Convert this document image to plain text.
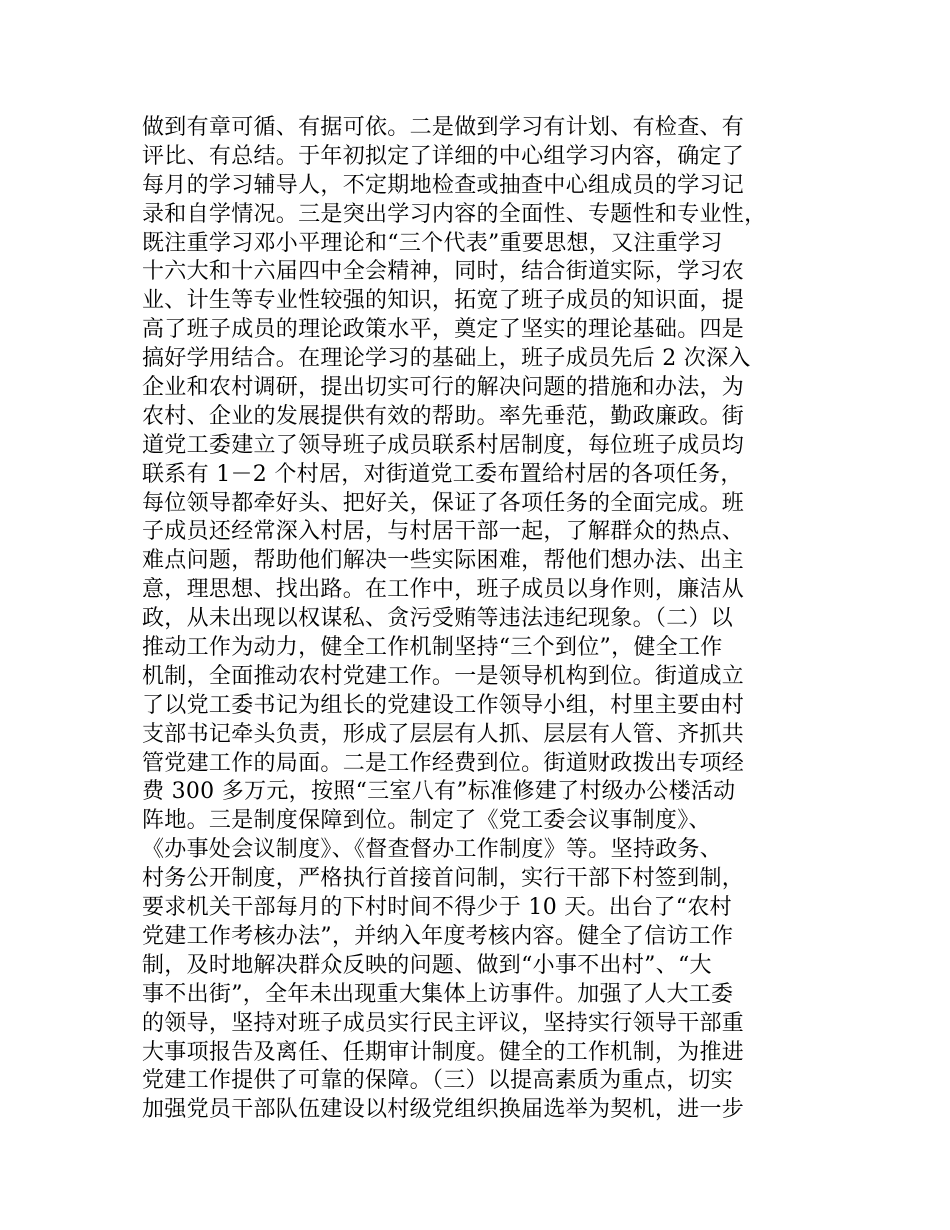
做到有章可循、有据可依。二是做到学习有计划、有检查、有
评比、有总结。于年初拟定了详细的中心组学习内容，确定了
每月的学习辅导人，不定期地检查或抽查中心组成员的学习记
录和自学情况。三是突出学习内容的全面性、专题性和专业性，
既注重学习邓小平理论和“三个代表”重要思想，又注重学习
十六大和十六届四中全会精神，同时，结合街道实际，学习农
业、计生等专业性较强的知识，拓宽了班子成员的知识面，提
高了班子成员的理论政策水平，奠定了坚实的理论基础。四是
搞好学用结合。在理论学习的基础上，班子成员先后 2 次深入
企业和农村调研，提出切实可行的解决问题的措施和办法，为
农村、企业的发展提供有效的帮助。率先垂范，勤政廉政。街
道党工委建立了领导班子成员联系村居制度，每位班子成员均
联系有 1－2 个村居，对街道党工委布置给村居的各项任务，
每位领导都牵好头、把好关，保证了各项任务的全面完成。班
子成员还经常深入村居，与村居干部一起，了解群众的热点、
难点问题，帮助他们解决一些实际困难，帮他们想办法、出主
意，理思想、找出路。在工作中，班子成员以身作则，廉洁从
政，从未出现以权谋私、贪污受贿等违法违纪现象。（二）以
推动工作为动力，健全工作机制坚持“三个到位”，健全工作
机制，全面推动农村党建工作。一是领导机构到位。街道成立
了以党工委书记为组长的党建设工作领导小组，村里主要由村
支部书记牵头负责，形成了层层有人抓、层层有人管、齐抓共
管党建工作的局面。二是工作经费到位。街道财政拨出专项经
费 300 多万元，按照“三室八有”标准修建了村级办公楼活动
阵地。三是制度保障到位。制定了《党工委会议事制度》、
《办事处会议制度》、《督查督办工作制度》等。坚持政务、
村务公开制度，严格执行首接首问制，实行干部下村签到制，
要求机关干部每月的下村时间不得少于 10 天。出台了“农村
党建工作考核办法”，并纳入年度考核内容。健全了信访工作
制，及时地解决群众反映的问题、做到“小事不出村”、“大
事不出街”，全年未出现重大集体上访事件。加强了人大工委
的领导，坚持对班子成员实行民主评议，坚持实行领导干部重
大事项报告及离任、任期审计制度。健全的工作机制，为推进
党建工作提供了可靠的保障。（三）以提高素质为重点，切实
加强党员干部队伍建设以村级党组织换届选举为契机，进一步
